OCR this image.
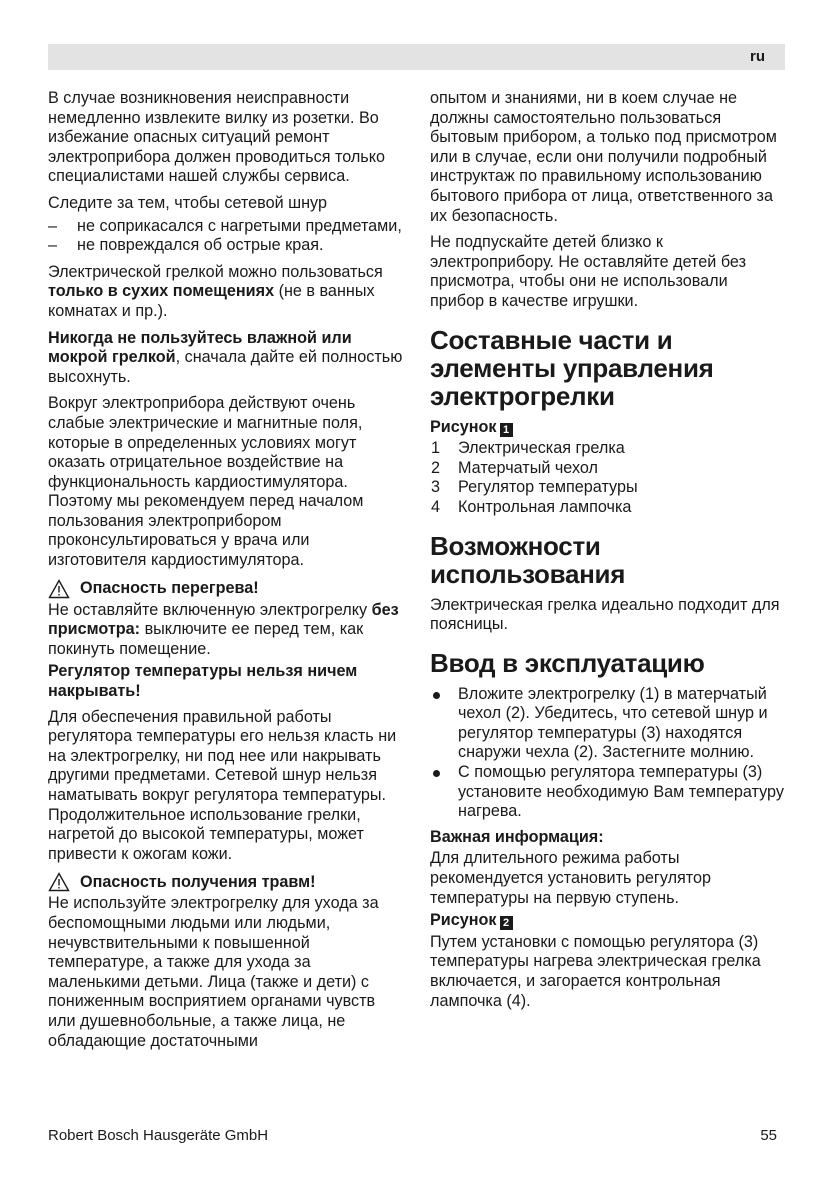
ru

В случае возникновения неисправности немедленно извлеките вилку из розетки. Во избежание опасных ситуаций ремонт электроприбора должен проводиться только специалистами нашей службы сервиса.

Следите за тем, чтобы сетевой шнур

– не соприкасался с нагретыми предметами,
– не повреждался об острые края.

Электрической грелкой можно пользоваться только в сухих помещениях (не в ванных комнатах и пр.).

Никогда не пользуйтесь влажной или мокрой грелкой, сначала дайте ей полностью высохнуть.

Вокруг электроприбора действуют очень слабые электрические и магнитные поля, которые в определенных условиях могут оказать отрицательное воздействие на функциональность кардиостимулятора. Поэтому мы рекомендуем перед началом пользования электроприбором проконсультироваться у врача или изготовителя кардиостимулятора.

Опасность перегрева!

Не оставляйте включенную электрогрелку без присмотра: выключите ее перед тем, как покинуть помещение.

Регулятор температуры нельзя ничем накрывать!

Для обеспечения правильной работы регулятора температуры его нельзя класть ни на электрогрелку, ни под нее или накрывать другими предметами. Сетевой шнур нельзя наматывать вокруг регулятора температуры. Продолжительное использование грелки, нагретой до высокой температуры, может привести к ожогам кожи.

Опасность получения травм!

Не используйте электрогрелку для ухода за беспомощными людьми или людьми, нечувствительными к повышенной температуре, а также для ухода за маленькими детьми. Лица (также и дети) с пониженным восприятием органами чувств или душевнобольные, а также лица, не обладающие достаточными

опытом и знаниями, ни в коем случае не должны самостоятельно пользоваться бытовым прибором, а только под присмотром или в случае, если они получили подробный инструктаж по правильному использованию бытового прибора от лица, ответственного за их безопасность.

Не подпускайте детей близко к электроприбору. Не оставляйте детей без присмотра, чтобы они не использовали прибор в качестве игрушки.

Составные части и элементы управления электрогрелки
Рисунок 1
1 Электрическая грелка
2 Матерчатый чехол
3 Регулятор температуры
4 Контрольная лампочка
Возможности использования

Электрическая грелка идеально подходит для поясницы.

Ввод в эксплуатацию
Вложите электрогрелку (1) в матерчатый чехол (2). Убедитесь, что сетевой шнур и регулятор температуры (3) находятся снаружи чехла (2). Застегните молнию.
С помощью регулятора температуры (3) установите необходимую Вам температуру нагрева.

Важная информация:

Для длительного режима работы рекомендуется установить регулятор температуры на первую ступень.

Рисунок 2

Путем установки с помощью регулятора (3) температуры нагрева электрическая грелка включается, и загорается контрольная лампочка (4).

Robert Bosch Hausgeräte GmbH	55
